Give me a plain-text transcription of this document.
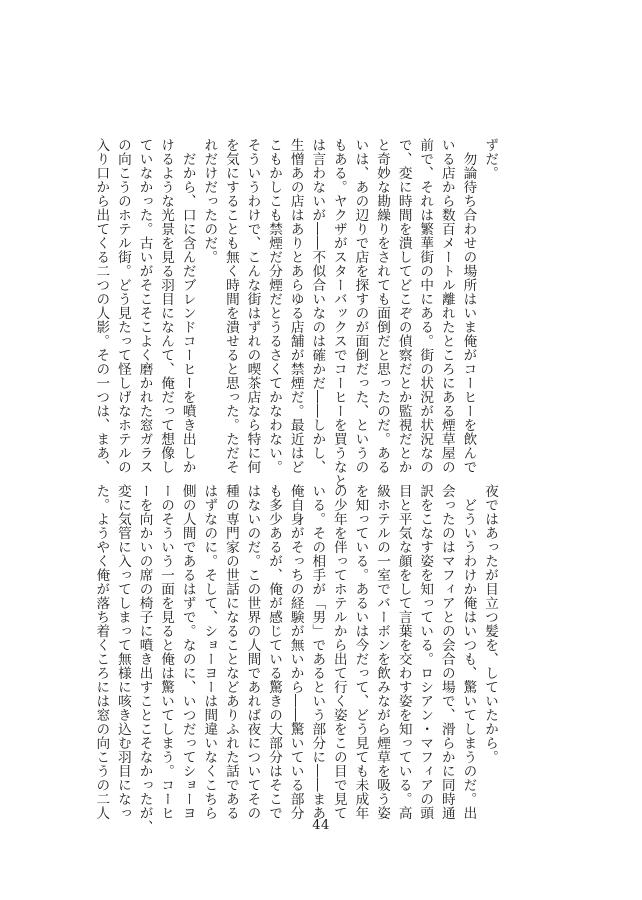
ずだ。
　勿論待ち合わせの場所はいま俺がコーヒーを飲んで
いる店から数百メートル離れたところにある煙草屋の
前で、それは繁華街の中にある。街の状況が状況なの
で、変に時間を潰してどこぞの偵察だとか監視だとか
と奇妙な勘繰りをされても面倒だと思ったのだ。ある
いは、あの辺りで店を探すのが面倒だった、というの
もある。ヤクザがスターバックスでコーヒーを買うなと
は言わないが――不似合いなのは確かだ――しかし、
生憎あの店はありとあらゆる店舗が禁煙だ。最近はど
こもかしこも禁煙だ分煙だとうるさくてかなわない。
そういうわけで、こんな街はずれの喫茶店なら特に何
を気にすることも無く時間を潰せると思った。ただそ
れだけだったのだ。
　だから、口に含んだブレンドコーヒーを噴き出しか
けるような光景を見る羽目になんて、俺だって想像し
ていなかった。古いがそこそこよく磨かれた窓ガラス
の向こうのホテル街。どう見たって怪しげなホテルの
入り口から出てくる二つの人影。その一つは、まあ、
夜ではあったが目立つ髪を、していたから。
　どういうわけか俺はいつも、驚いてしまうのだ。出
会ったのはマフィアとの会合の場で、滑らかに同時通
訳をこなす姿を知っている。ロシアン・マフィアの頭
目と平気な顔をして言葉を交わす姿を知っている。高
級ホテルの一室でバーボンを飲みながら煙草を吸う姿
を知っている。あるいは今だって、どう見ても未成年
の少年を伴ってホテルから出て行く姿をこの目で見て
いる。その相手が「男」であるという部分に――まあ
俺自身がそっちの経験が無いから――驚いている部分
も多少あるが、俺が感じている驚きの大部分はそこで
はないのだ。この世界の人間であれば夜についてその
種の専門家の世話になることなどありふれた話である
はずなのに。そして、ショーヨーは間違いなくこちら
側の人間であるはずで。なのに、いつだってショーヨ
ーのそういう一面を見ると俺は驚いてしまう。コーヒ
ーを向かいの席の椅子に噴き出すことこそなかったが、
変に気管に入ってしまって無様に咳き込む羽目になっ
た。ようやく俺が落ち着くころには窓の向こうの二人
44
